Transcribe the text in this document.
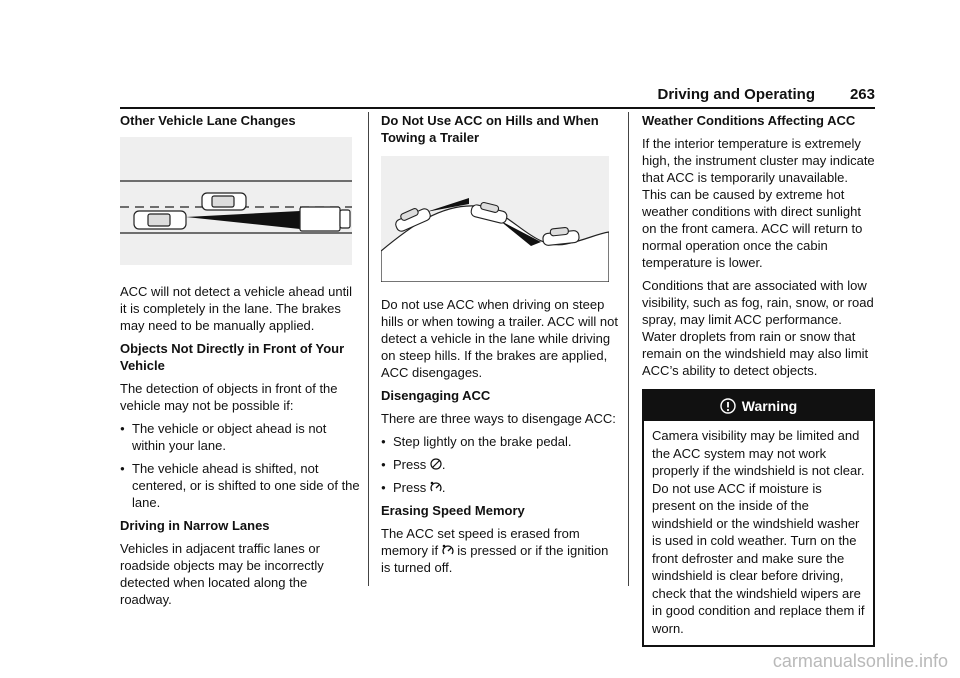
Driving and Operating 263
Other Vehicle Lane Changes

ACC will not detect a vehicle ahead until it is completely in the lane. The brakes may need to be manually applied.

Objects Not Directly in Front of Your Vehicle

The detection of objects in front of the vehicle may not be possible if:

● The vehicle or object ahead is not within your lane.
● The vehicle ahead is shifted, not centered, or is shifted to one side of the lane.
Driving in Narrow Lanes

Vehicles in adjacent traffic lanes or roadside objects may be incorrectly detected when located along the roadway.

Do Not Use ACC on Hills and When Towing a Trailer

Do not use ACC when driving on steep hills or when towing a trailer. ACC will not detect a vehicle in the lane while driving on steep hills. If the brakes are applied, ACC disengages.

Disengaging ACC

There are three ways to disengage ACC:

● Step lightly on the brake pedal.
● Press .
● Press .
Erasing Speed Memory

The ACC set speed is erased from memory if  is pressed or if the ignition is turned off.

Weather Conditions Affecting ACC

If the interior temperature is extremely high, the instrument cluster may indicate that ACC is temporarily unavailable. This can be caused by extreme hot weather conditions with direct sunlight on the front camera. ACC will return to normal operation once the cabin temperature is lower.

Conditions that are associated with low visibility, such as fog, rain, snow, or road spray, may limit ACC performance. Water droplets from rain or snow that remain on the windshield may also limit ACC’s ability to detect objects.

Warning
Camera visibility may be limited and the ACC system may not work properly if the windshield is not clear. Do not use ACC if moisture is present on the inside of the windshield or the windshield washer is used in cold weather. Turn on the front defroster and make sure the windshield is clear before driving, check that the windshield wipers are in good condition and replace them if worn.
carmanualsonline.info
